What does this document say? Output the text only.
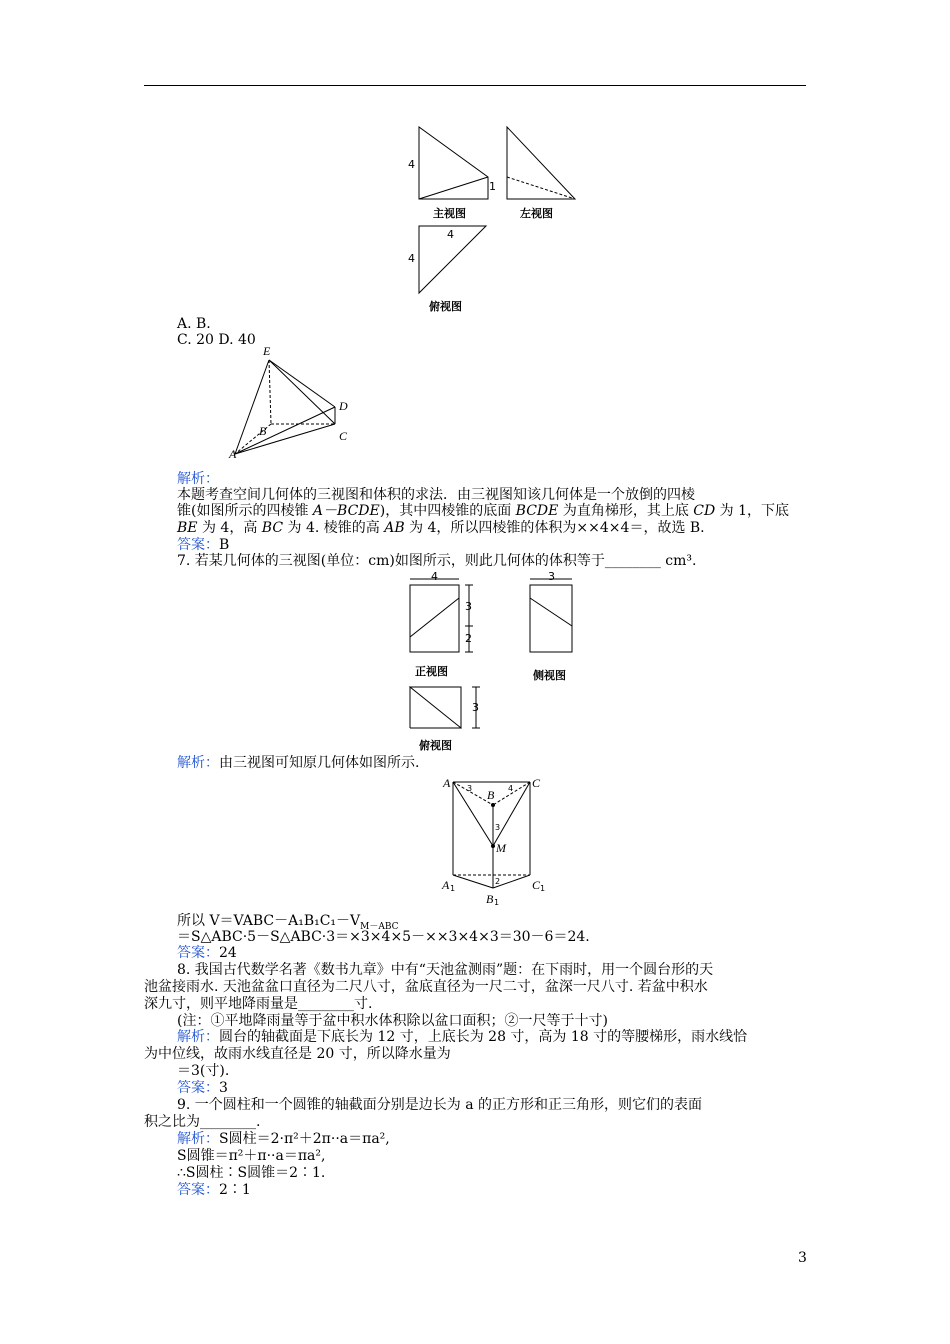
4
1
主视图	左视图
4
4
俯视图
A. B.
C. 20 D. 40
E
D
B	C
A
解析：
本题考查空间几何体的三视图和体积的求法．由三视图知该几何体是一个放倒的四棱
锥(如图所示的四棱锥 A－BCDE)，其中四棱锥的底面 BCDE 为直角梯形，其上底 CD 为 1，下底
BE 为 4，高 BC 为 4. 棱锥的高 AB 为 4，所以四棱锥的体积为××4×4＝，故选 B.
答案：B
7. 若某几何体的三视图(单位：cm)如图所示，则此几何体的体积等于________ cm³.
4
3
2
3
3
正视图	侧视图
俯视图
解析：由三视图可知原几何体如图所示.
A	C
B
M
3	4
3
2
A 1	C 1
B 1
所以 $V=VABC-A_1B_1C_1-V_{M-ABC}$
＝S△ABC·5－S△ABC·3＝×3×4×5－××3×4×3＝30－6＝24.
答案：24
8. 我国古代数学名著《数书九章》中有“天池盆测雨”题：在下雨时，用一个圆台形的天
池盆接雨水. 天池盆盆口直径为二尺八寸，盆底直径为一尺二寸，盆深一尺八寸. 若盆中积水
深九寸，则平地降雨量是________寸.
(注：①平地降雨量等于盆中积水体积除以盆口面积；②一尺等于十寸)
解析：圆台的轴截面是下底长为 12 寸，上底长为 28 寸，高为 18 寸的等腰梯形，雨水线恰
为中位线，故雨水线直径是 20 寸，所以降水量为
＝3(寸).
答案：3
9. 一个圆柱和一个圆锥的轴截面分别是边长为 a 的正方形和正三角形，则它们的表面
积之比为________.
解析：S圆柱＝2·π²＋2π··a＝πa²,
S圆锥＝π²＋π··a＝πa²,
∴S圆柱∶S圆锥＝2∶1.
答案：2∶1
3
